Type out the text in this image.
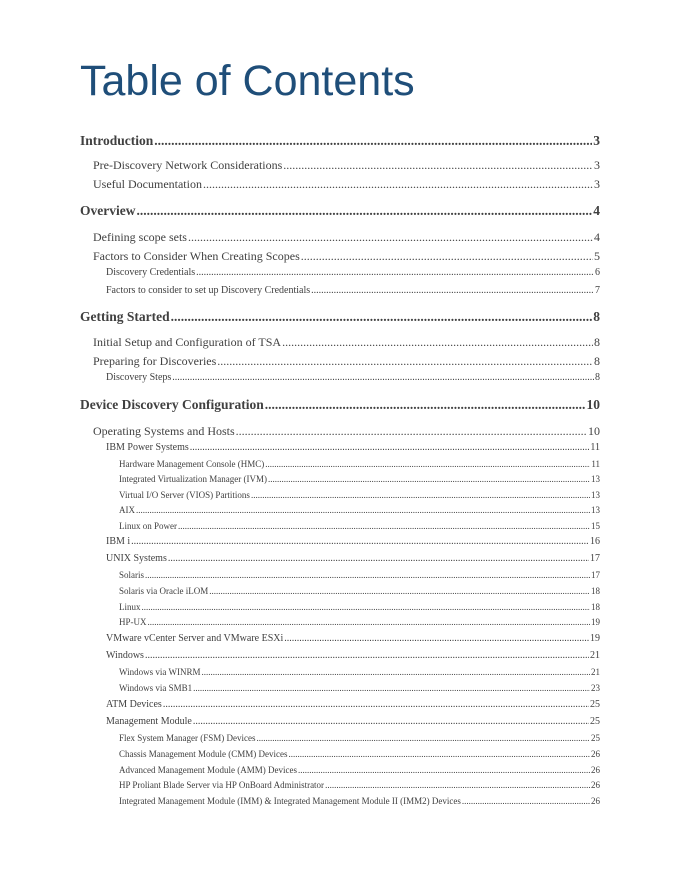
Table of Contents
Introduction .....	3
Pre-Discovery Network Considerations .....	3
Useful Documentation .....	3
Overview .....	4
Defining scope sets .....	4
Factors to Consider When Creating Scopes .....	5
Discovery Credentials .....	6
Factors to consider to set up Discovery Credentials .....	7
Getting Started .....	8
Initial Setup and Configuration of TSA .....	8
Preparing for Discoveries .....	8
Discovery Steps .....	8
Device Discovery Configuration .....	10
Operating Systems and Hosts .....	10
IBM Power Systems .....	11
Hardware Management Console (HMC) .....	11
Integrated Virtualization Manager (IVM) .....	13
Virtual I/O Server (VIOS) Partitions .....	13
AIX .....	13
Linux on Power .....	15
IBM i .....	16
UNIX Systems .....	17
Solaris .....	17
Solaris via Oracle iLOM .....	18
Linux .....	18
HP-UX .....	19
VMware vCenter Server and VMware ESXi .....	19
Windows .....	21
Windows via WINRM .....	21
Windows via SMB1 .....	23
ATM Devices .....	25
Management Module .....	25
Flex System Manager (FSM) Devices .....	25
Chassis Management Module (CMM) Devices .....	26
Advanced Management Module (AMM) Devices .....	26
HP Proliant Blade Server via HP OnBoard Administrator .....	26
Integrated Management Module (IMM) & Integrated Management Module II (IMM2) Devices .....	26
